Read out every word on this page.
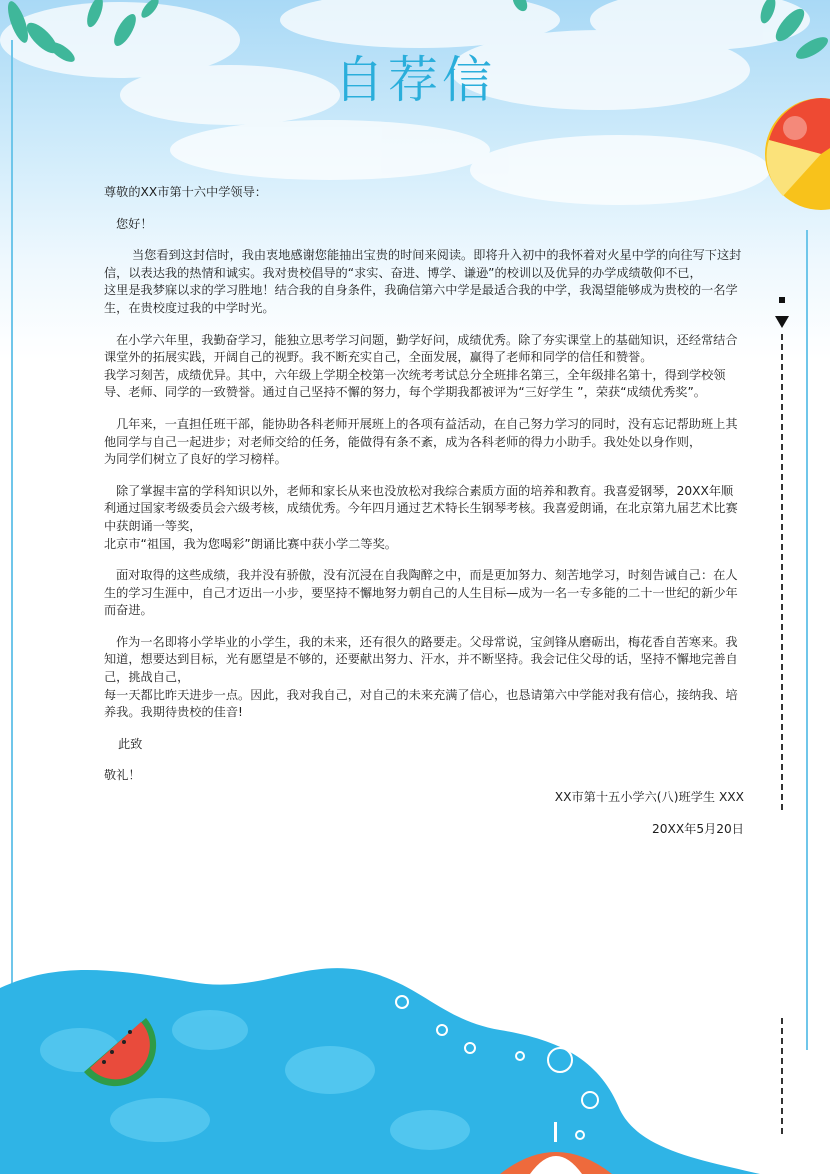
自荐信

尊敬的XX市第十六中学领导：

您好！

当您看到这封信时，我由衷地感谢您能抽出宝贵的时间来阅读。即将升入初中的我怀着对火星中学的向往写下这封信，以表达我的热情和诚实。我对贵校倡导的“求实、奋进、博学、谦逊”的校训以及优异的办学成绩敬仰不已，

这里是我梦寐以求的学习胜地！结合我的自身条件，我确信第六中学是最适合我的中学，我渴望能够成为贵校的一名学生，在贵校度过我的中学时光。

在小学六年里，我勤奋学习，能独立思考学习问题，勤学好问，成绩优秀。除了夯实课堂上的基础知识，还经常结合课堂外的拓展实践，开阔自己的视野。我不断充实自己，全面发展，赢得了老师和同学的信任和赞誉。

我学习刻苦，成绩优异。其中，六年级上学期全校第一次统考考试总分全班排名第三，全年级排名第十，得到学校领导、老师、同学的一致赞誉。通过自己坚持不懈的努力，每个学期我都被评为“三好学生 ”，荣获“成绩优秀奖”。

几年来，一直担任班干部，能协助各科老师开展班上的各项有益活动，在自己努力学习的同时，没有忘记帮助班上其他同学与自己一起进步；对老师交给的任务，能做得有条不紊，成为各科老师的得力小助手。我处处以身作则，

为同学们树立了良好的学习榜样。

除了掌握丰富的学科知识以外，老师和家长从来也没放松对我综合素质方面的培养和教育。我喜爱钢琴，20XX年顺利通过国家考级委员会六级考核，成绩优秀。今年四月通过艺术特长生钢琴考核。我喜爱朗诵，在北京第九届艺术比赛中获朗诵一等奖，

北京市“祖国，我为您喝彩”朗诵比赛中获小学二等奖。

面对取得的这些成绩，我并没有骄傲，没有沉浸在自我陶醉之中，而是更加努力、刻苦地学习，时刻告诫自己：在人生的学习生涯中，自己才迈出一小步，要坚持不懈地努力朝自己的人生目标—成为一名一专多能的二十一世纪的新少年而奋进。

作为一名即将小学毕业的小学生，我的未来，还有很久的路要走。父母常说，宝剑锋从磨砺出，梅花香自苦寒来。我知道，想要达到目标，光有愿望是不够的，还要献出努力、汗水，并不断坚持。我会记住父母的话，坚持不懈地完善自己，挑战自己，

每一天都比昨天进步一点。因此，我对我自己，对自己的未来充满了信心，也恳请第六中学能对我有信心，接纳我、培养我。我期待贵校的佳音!

此致

敬礼！

XX市第十五小学六(八)班学生 XXX

20XX年5月20日
